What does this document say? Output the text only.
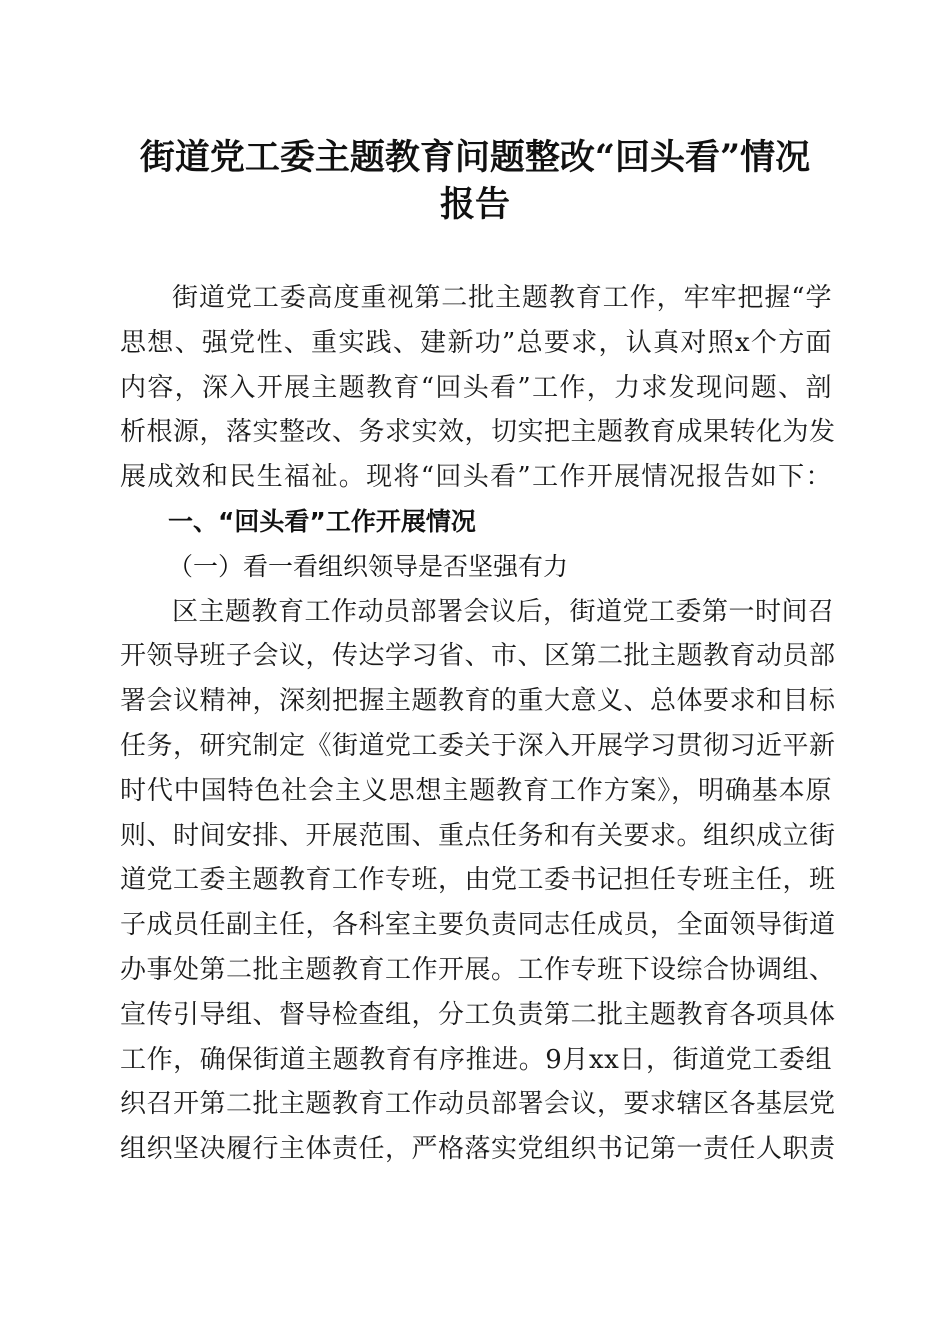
街道党工委主题教育问题整改“回头看”情况
报告
街道党工委高度重视第二批主题教育工作，牢牢把握“学
思想、强党性、重实践、建新功”总要求，认真对照x个方面
内容，深入开展主题教育“回头看”工作，力求发现问题、剖
析根源，落实整改、务求实效，切实把主题教育成果转化为发
展成效和民生福祉。现将“回头看”工作开展情况报告如下：
一、“回头看”工作开展情况
（一）看一看组织领导是否坚强有力
区主题教育工作动员部署会议后，街道党工委第一时间召
开领导班子会议，传达学习省、市、区第二批主题教育动员部
署会议精神，深刻把握主题教育的重大意义、总体要求和目标
任务，研究制定《街道党工委关于深入开展学习贯彻习近平新
时代中国特色社会主义思想主题教育工作方案》，明确基本原
则、时间安排、开展范围、重点任务和有关要求。组织成立街
道党工委主题教育工作专班，由党工委书记担任专班主任，班
子成员任副主任，各科室主要负责同志任成员，全面领导街道
办事处第二批主题教育工作开展。工作专班下设综合协调组、
宣传引导组、督导检查组，分工负责第二批主题教育各项具体
工作，确保街道主题教育有序推进。9月xx日，街道党工委组
织召开第二批主题教育工作动员部署会议，要求辖区各基层党
组织坚决履行主体责任，严格落实党组织书记第一责任人职责
